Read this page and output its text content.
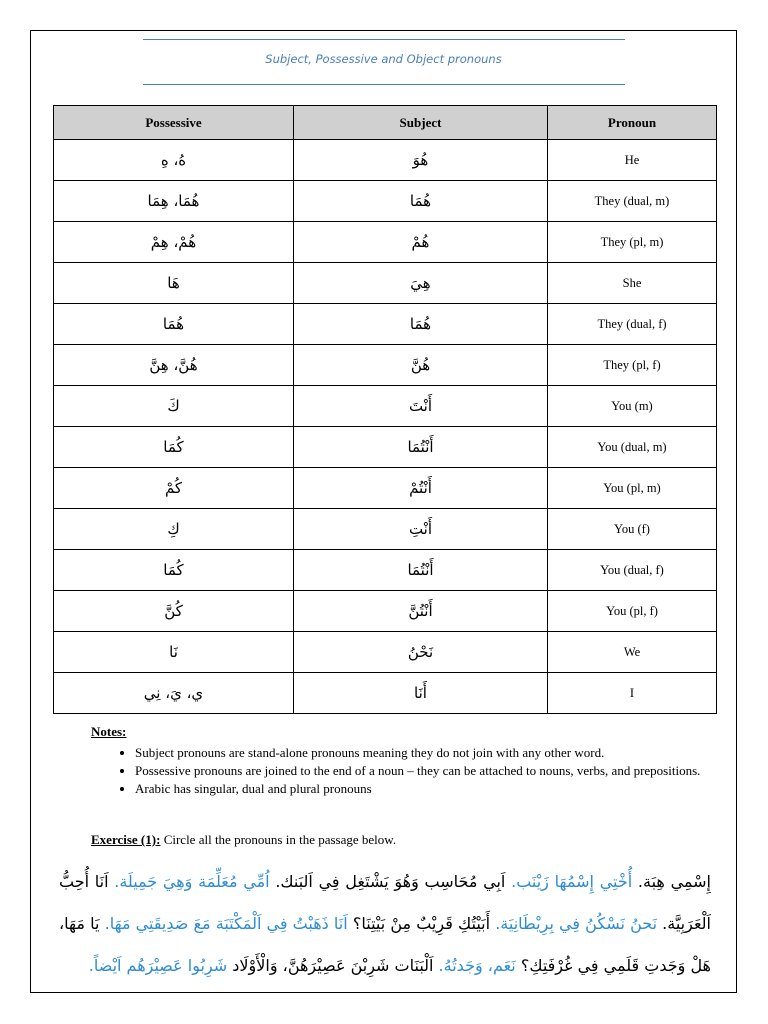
Subject, Possessive and Object pronouns
Possessive	Subject	Pronoun
هُ، هِ	هُوَ	He
هُمَا، هِمَا	هُمَا	They (dual, m)
هُمْ، هِمْ	هُمْ	They (pl, m)
هَا	هِيَ	She
هُمَا	هُمَا	They (dual, f)
هُنَّ، هِنَّ	هُنَّ	They (pl, f)
كَ	أَنْتَ	You (m)
كُمَا	أَنْتُمَا	You (dual, m)
كُمْ	أَنْتُمْ	You (pl, m)
كِ	أَنْتِ	You (f)
كُمَا	أَنْتُمَا	You (dual, f)
كُنَّ	أَنْتُنَّ	You (pl, f)
نَا	نَحْنُ	We
ي، يَ، نِي	أَنَا	I
Notes:
• Subject pronouns are stand-alone pronouns meaning they do not join with any other word.
• Possessive pronouns are joined to the end of a noun – they can be attached to nouns, verbs, and prepositions.
• Arabic has singular, dual and plural pronouns
Exercise (1): Circle all the pronouns in the passage below.
إِسْمِي هِبَة. أُخْتِي إِسْمُهَا زَيْنَب. اَبِي مُحَاسِب وَهُوَ يَشْتَغِل فِي اَلبَنك. اُمِّي مُعَلِّمَة وَهِيَ جَمِيلَة. اَنَا أُحِبُّ اَلْعَرَبِيَّة. نَحنُ نَسْكُنُ فِي بِرِيْطَانِيَة. أَبَيْتُكِ قَرِيْبٌ مِنْ بَيْتِنَا؟ اَنَا ذَهَبْتُ فِي اَلْمَكْتَبَة مَعَ صَدِيقَتِي مَهَا. يَا مَهَا، هَلْ وَجَدتِ قَلَمِي فِي غُرْفَتِكِ؟ نَعَم، وَجَدتُهُ. اَلْبَنَات شَرِبْنَ عَصِيْرَهُنَّ، وَالْأَوْلَاد شَرِبُوا عَصِيْرَهُم اَيْضاً.
